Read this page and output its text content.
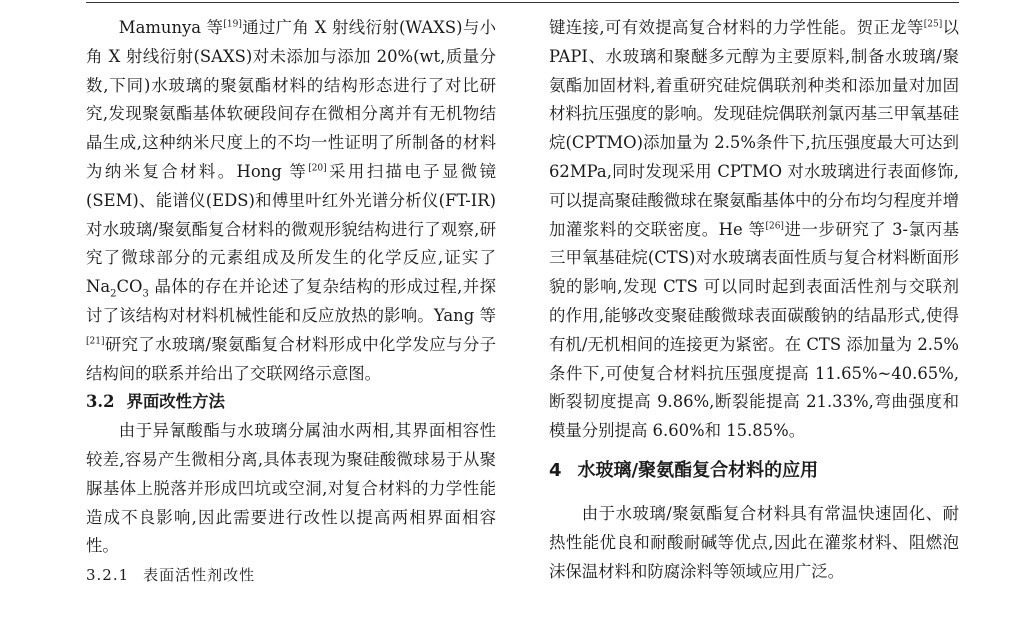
Mamunya 等[19]通过广角 X 射线衍射(WAXS)与小角 X 射线衍射(SAXS)对未添加与添加 20%(wt,质量分数,下同)水玻璃的聚氨酯材料的结构形态进行了对比研究,发现聚氨酯基体软硬段间存在微相分离并有无机物结晶生成,这种纳米尺度上的不均一性证明了所制备的材料为纳米复合材料。Hong 等[20]采用扫描电子显微镜(SEM)、能谱仪(EDS)和傅里叶红外光谱分析仪(FT-IR)对水玻璃/聚氨酯复合材料的微观形貌结构进行了观察,研究了微球部分的元素组成及所发生的化学反应,证实了 $Na_2CO_3$ 晶体的存在并论述了复杂结构的形成过程,并探讨了该结构对材料机械性能和反应放热的影响。Yang 等[21]研究了水玻璃/聚氨酯复合材料形成中化学发应与分子结构间的联系并给出了交联网络示意图。

3.2 界面改性方法

由于异氰酸酯与水玻璃分属油水两相,其界面相容性较差,容易产生微相分离,具体表现为聚硅酸微球易于从聚脲基体上脱落并形成凹坑或空洞,对复合材料的力学性能造成不良影响,因此需要进行改性以提高两相界面相容性。

3.2.1 表面活性剂改性

键连接,可有效提高复合材料的力学性能。贺正龙等[25]以 PAPI、水玻璃和聚醚多元醇为主要原料,制备水玻璃/聚氨酯加固材料,着重研究硅烷偶联剂种类和添加量对加固材料抗压强度的影响。发现硅烷偶联剂氯丙基三甲氧基硅烷(CPTMO)添加量为 2.5%条件下,抗压强度最大可达到 62MPa,同时发现采用 CPTMO 对水玻璃进行表面修饰,可以提高聚硅酸微球在聚氨酯基体中的分布均匀程度并增加灌浆料的交联密度。He 等[26]进一步研究了 3-氯丙基三甲氧基硅烷(CTS)对水玻璃表面性质与复合材料断面形貌的影响,发现 CTS 可以同时起到表面活性剂与交联剂的作用,能够改变聚硅酸微球表面碳酸钠的结晶形式,使得有机/无机相间的连接更为紧密。在 CTS 添加量为 2.5%条件下,可使复合材料抗压强度提高 11.65%~40.65%,断裂韧度提高 9.86%,断裂能提高 21.33%,弯曲强度和模量分别提高 6.60%和 15.85%。

4 水玻璃/聚氨酯复合材料的应用

由于水玻璃/聚氨酯复合材料具有常温快速固化、耐热性能优良和耐酸耐碱等优点,因此在灌浆材料、阻燃泡沫保温材料和防腐涂料等领域应用广泛。
